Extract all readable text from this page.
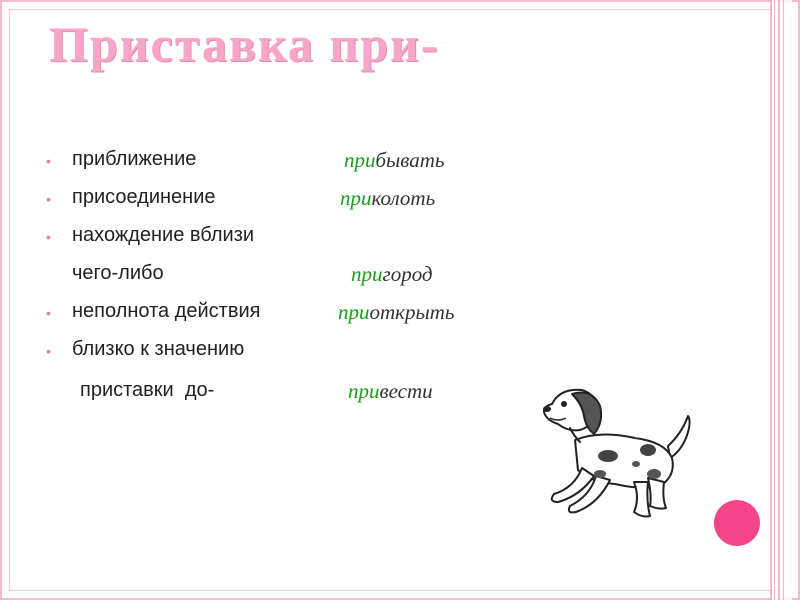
Приставка при-
• приближение	прибывать
• присоединение	приколоть
• нахождение вблизи
чего-либо	пригород
• неполнота действия	приоткрыть
• близко к значению
приставки  до-	привести
